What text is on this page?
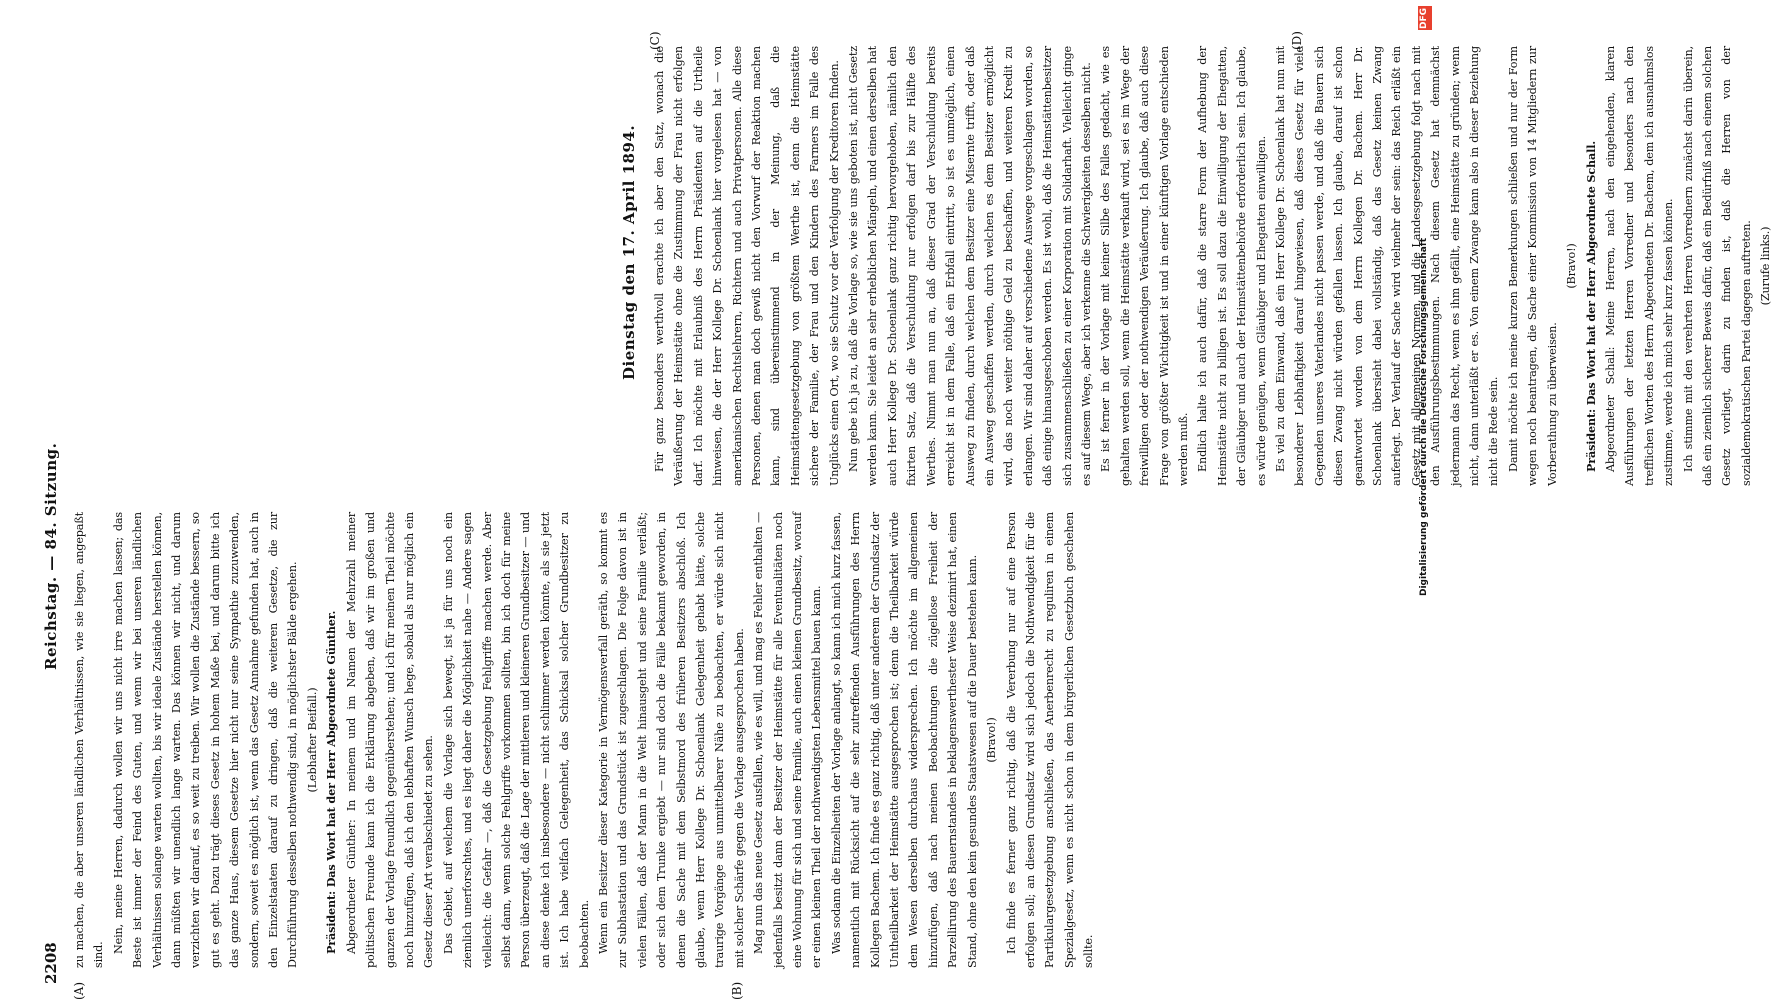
2208
Reichstag. — 84. Sitzung.
Dienstag den 17. April 1894.
(A)	(B)
(C)	(D)

zu machen, die aber unseren ländlichen Verhältnissen, wie sie liegen, angepaßt sind.

Nein, meine Herren, dadurch wollen wir uns nicht irre machen lassen; das Beste ist immer der Feind des Guten, und wenn wir bei unseren ländlichen Verhältnissen solange warten wollten, bis wir ideale Zustände herstellen können, dann müßten wir unendlich lange warten. Das können wir nicht, und darum verzichten wir darauf, es so weit zu treiben. Wir wollen die Zustände bessern, so gut es geht. Dazu trägt dieses Gesetz in hohem Maße bei, und darum bitte ich das ganze Haus, diesem Gesetze hier nicht nur seine Sympathie zuzuwenden, sondern, soweit es möglich ist, wenn das Gesetz Annahme gefunden hat, auch in den Einzelstaaten darauf zu dringen, daß die weiteren Gesetze, die zur Durchführung desselben nothwendig sind, in möglichster Bälde ergehen. (Lebhafter Beifall.) Präsident: Das Wort hat der Herr Abgeordnete Günther. Abgeordneter Günther: In meinem und im Namen der Mehrzahl meiner politischen Freunde kann ich die Erklärung abgeben, daß wir im großen und ganzen der Vorlage freundlich gegenüberstehen; und ich für meinen Theil möchte noch hinzufügen, daß ich den lebhaften Wunsch hege, sobald als nur möglich ein Gesetz dieser Art verabschiedet zu sehen. Das Gebiet, auf welchem die Vorlage sich bewegt, ist ja für uns noch ein ziemlich unerforschtes, und es liegt daher die Möglichkeit nahe — Andere sagen vielleicht: die Gefahr —, daß die Gesetzgebung Fehlgriffe machen werde. Aber selbst dann, wenn solche Fehlgriffe vorkommen sollten, bin ich doch für meine Person überzeugt, daß die Lage der mittleren und kleineren Grundbesitzer — und an diese denke ich insbesondere — nicht schlimmer werden könnte, als sie jetzt ist. Ich habe vielfach Gelegenheit, das Schicksal solcher Grundbesitzer zu beobachten. Wenn ein Besitzer dieser Kategorie in Vermögensverfall geräth, so kommt es zur Subhastation und das Grundstück ist zugeschlagen. Die Folge davon ist in vielen Fällen, daß der Mann in die Welt hinausgeht und seine Familie verläßt; oder sich dem Trunke ergiebt — nur sind doch die Fälle bekannt geworden, in denen die Sache mit dem Selbstmord des früheren Besitzers abschloß. Ich glaube, wenn Herr Kollege Dr. Schoenlank Gelegenheit gehabt hätte, solche traurige Vorgänge aus unmittelbarer Nähe zu beobachten, er würde sich nicht mit solcher Schärfe gegen die Vorlage ausgesprochen haben. Mag nun das neue Gesetz ausfallen, wie es will, und mag es Fehler enthalten — jedenfalls besitzt dann der Besitzer der Heimstätte für alle Eventualitäten noch eine Wohnung für sich und seine Familie, auch einen kleinen Grundbesitz, worauf er einen kleinen Theil der nothwendigsten Lebensmittel bauen kann. Was sodann die Einzelheiten der Vorlage anlangt, so kann ich mich kurz fassen, namentlich mit Rücksicht auf die sehr zutreffenden Ausführungen des Herrn Kollegen Bachem. Ich finde es ganz richtig, daß unter anderem der Grundsatz der Untheilbarkeit der Heimstätte ausgesprochen ist; denn die Theilbarkeit würde dem Wesen derselben durchaus widersprechen. Ich möchte im allgemeinen hinzufügen, daß nach meinen Beobachtungen die zügellose Freiheit der Parzellirung des Bauernstandes in beklagenswerthester Weise dezimirt hat, einen Stand, ohne den kein gesundes Staatswesen auf die Dauer bestehen kann. (Bravo!) Ich finde es ferner ganz richtig, daß die Vererbung nur auf eine Person erfolgen soll; an diesen Grundsatz wird sich jedoch die Nothwendigkeit für die Partikulargesetzgebung anschließen, das Anerbenrecht zu reguliren in einem Spezialgesetz, wenn es nicht schon in dem bürgerlichen Gesetzbuch geschehen sollte.

Für ganz besonders werthvoll erachte ich aber den Satz, wonach die Veräußerung der Heimstätte ohne die Zustimmung der Frau nicht erfolgen darf. Ich möchte mit Erlaubniß des Herrn Präsidenten auf die Urtheile hinweisen, die der Herr Kollege Dr. Schoenlank hier vorgelesen hat — von amerikanischen Rechtslehrern, Richtern und auch Privatpersonen. Alle diese Personen, denen man doch gewiß nicht den Vorwurf der Reaktion machen kann, sind übereinstimmend in der Meinung, daß die Heimstättengesetzgebung von größtem Werthe ist, denn die Heimstätte sichere der Familie, der Frau und den Kindern des Farmers im Falle des Unglücks einen Ort, wo sie Schutz vor der Verfolgung der Kreditoren finden. Nun gebe ich ja zu, daß die Vorlage so, wie sie uns geboten ist, nicht Gesetz werden kann. Sie leidet an sehr erheblichen Mängeln, und einen derselben hat auch Herr Kollege Dr. Schoenlank ganz richtig hervorgehoben, nämlich den fixirten Satz, daß die Verschuldung nur erfolgen darf bis zur Hälfte des Werthes. Nimmt man nun an, daß dieser Grad der Verschuldung bereits erreicht ist in dem Falle, daß ein Erbfall eintritt, so ist es unmöglich, einen Ausweg zu finden, durch welchen dem Besitzer eine Misernte trifft, oder daß ein Ausweg geschaffen werden, durch welchen es dem Besitzer ermöglicht wird, das noch weiter nöthige Geld zu beschaffen, und weiteren Kredit zu erlangen. Wir sind daher auf verschiedene Auswege vorgeschlagen worden, so daß einige hinausgeschoben werden. Es ist wohl, daß die Heimstättenbesitzer sich zusammenschließen zu einer Korporation mit Solidarhaft. Vielleicht ginge es auf diesem Wege, aber ich verkenne die Schwierigkeiten desselben nicht. Es ist ferner in der Vorlage mit keiner Silbe des Falles gedacht, wie es gehalten werden soll, wenn die Heimstätte verkauft wird, sei es im Wege der freiwilligen oder der nothwendigen Veräußerung. Ich glaube, daß auch diese Frage von größter Wichtigkeit ist und in einer künftigen Vorlage entschieden werden muß. Endlich halte ich auch dafür, daß die starre Form der Aufhebung der Heimstätte nicht zu billigen ist. Es soll dazu die Einwilligung der Ehegatten, der Gläubiger und auch der Heimstättenbehörde erforderlich sein. Ich glaube, es würde genügen, wenn Gläubiger und Ehegatten einwilligen. Es viel zu dem Einwand, daß ein Herr Kollege Dr. Schoenlank hat nun mit besonderer Lebhaftigkeit darauf hingewiesen, daß dieses Gesetz für viele Gegenden unseres Vaterlandes nicht passen werde, und daß die Bauern sich diesen Zwang nicht würden gefallen lassen. Ich glaube, darauf ist schon geantwortet worden von dem Herrn Kollegen Dr. Bachem. Herr Dr. Schoenlank übersieht dabei vollständig, daß das Gesetz keinen Zwang auferlegt. Der Verlauf der Sache wird vielmehr der sein: das Reich erläßt ein Gesetz mit allgemeinen Normen, und die Landesgesetzgebung folgt nach mit den Ausführungsbestimmungen. Nach diesem Gesetz hat demnächst jedermann das Recht, wenn es ihm gefällt, eine Heimstätte zu gründen; wenn nicht, dann unterläßt er es. Von einem Zwange kann also in dieser Beziehung nicht die Rede sein. Damit möchte ich meine kurzen Bemerkungen schließen und nur der Form wegen noch beantragen, die Sache einer Kommission von 14 Mitgliedern zur Vorberathung zu überweisen.

(Bravo!) Präsident: Das Wort hat der Herr Abgeordnete Schall. Abgeordneter Schall: Meine Herren, nach den eingehenden, klaren Ausführungen der letzten Herren Vorredner und besonders nach den trefflichen Worten des Herrn Abgeordneten Dr. Bachem, dem ich ausnahmslos zustimme, werde ich mich sehr kurz fassen können. Ich stimme mit den verehrten Herren Vorrednern zunächst darin überein, daß ein ziemlich sicherer Beweis dafür, daß ein Bedürfniß nach einem solchen Gesetz vorliegt, darin zu finden ist, daß die Herren von der sozialdemokratischen Partei dagegen auftreten. (Zurufe links.)

DFG
Digitalisierung gefördert durch die Deutsche Forschungsgemeinschaft
